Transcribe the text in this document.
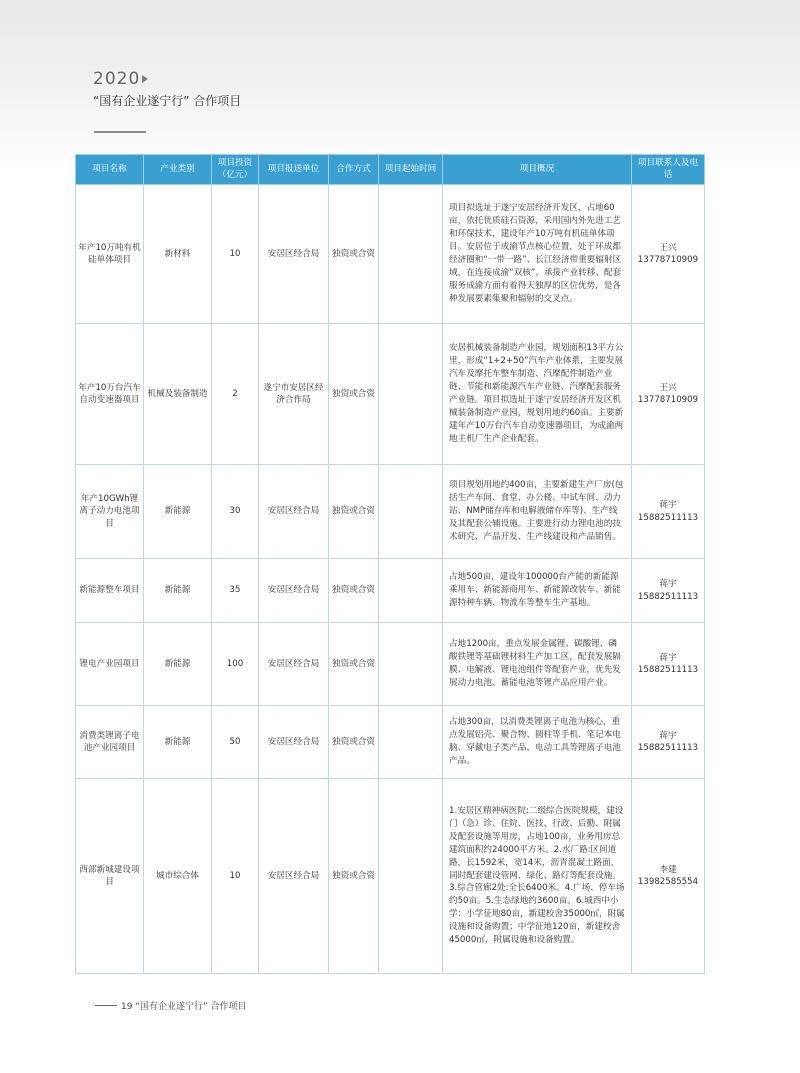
2020
“国有企业遂宁行” 合作项目
项目名称	产业类别	项目投资（亿元）	项目报送单位	合作方式	项目起始时间	项目概况	项目联系人及电话
年产10万吨有机硅单体项目	新材料	10	安居区经合局	独资或合资		项目拟选址于遂宁安居经济开发区，占地60亩，依托优质硅石资源，采用国内外先进工艺和环保技术，建设年产10万吨有机硅单体项目。安居位于成渝节点核心位置，处于环成都经济圈和“一带一路”、长江经济带重要辐射区域，在连接成渝“双核”、承接产业转移、配套服务成渝方面有着得天独厚的区位优势，是各种发展要素集聚和辐射的交叉点。	王兴 13778710909
年产10万台汽车自动变速器项目	机械及装备制造	2	遂宁市安居区经济合作局	独资或合资		安居机械装备制造产业园，规划面积13平方公里，形成“1+2+50”汽车产业体系，主要发展汽车及摩托车整车制造、汽摩配件制造产业链、节能和新能源汽车产业链、汽摩配套服务产业链。项目拟选址于遂宁安居经济开发区机械装备制造产业园，规划用地约60亩。主要新建年产10万台汽车自动变速器项目，为成渝两地主机厂生产企业配套。	王兴 13778710909
年产10GWh锂离子动力电池项目	新能源	30	安居区经合局	独资或合资		项目规划用地约400亩，主要新建生产厂房(包括生产车间、食堂、办公楼、中试车间、动力站、NMP储存库和电解液储存库等)、生产线及其配套公辅设施。主要进行动力锂电池的技术研究、产品开发、生产线建设和产品销售。	蒋宇 15882511113
新能源整车项目	新能源	35	安居区经合局	独资或合资		占地500亩，建设年100000台产能的新能源乘用车、新能源商用车、新能源改装车、新能源特种车辆、物流车等整车生产基地。	蒋宇 15882511113
锂电产业园项目	新能源	100	安居区经合局	独资或合资		占地1200亩，重点发展金属锂、碳酸锂、磷酸铁锂等基础锂材料生产加工区，配套发展隔膜、电解液、锂电池组件等配套产业，优先发展动力电池、蓄能电池等锂产品应用产业。	蒋宇 15882511113
消费类锂离子电池产业园项目	新能源	50	安居区经合局	独资或合资		占地300亩，以消费类锂离子电池为核心，重点发展铝壳、聚合物、圆柱等手机、笔记本电脑、穿戴电子类产品、电动工具等锂离子电池产品。	蒋宇 15882511113
西部新城建设项目	城市综合体	10	安居区经合局	独资或合资		1.安居区精神病医院:二级综合医院规模，建设门（急）诊、住院、医技、行政、后勤、附属及配套设施等用房，占地100亩，业务用房总建筑面积约24000平方米。2.水厂路:区间道路，长1592米，宽14米，沥青混凝土路面，同时配套建设管网、绿化、路灯等配套设施。3.综合管廊2处:全长6400米。4.广场、停车场约50亩。5.生态绿地约3600亩。6.城西中小学：小学征地80亩，新建校舍35000㎡，附属设施和设备购置；中学征地120亩，新建校舍45000㎡，附属设施和设备购置。	李建 13982585554
19 “国有企业遂宁行” 合作项目
